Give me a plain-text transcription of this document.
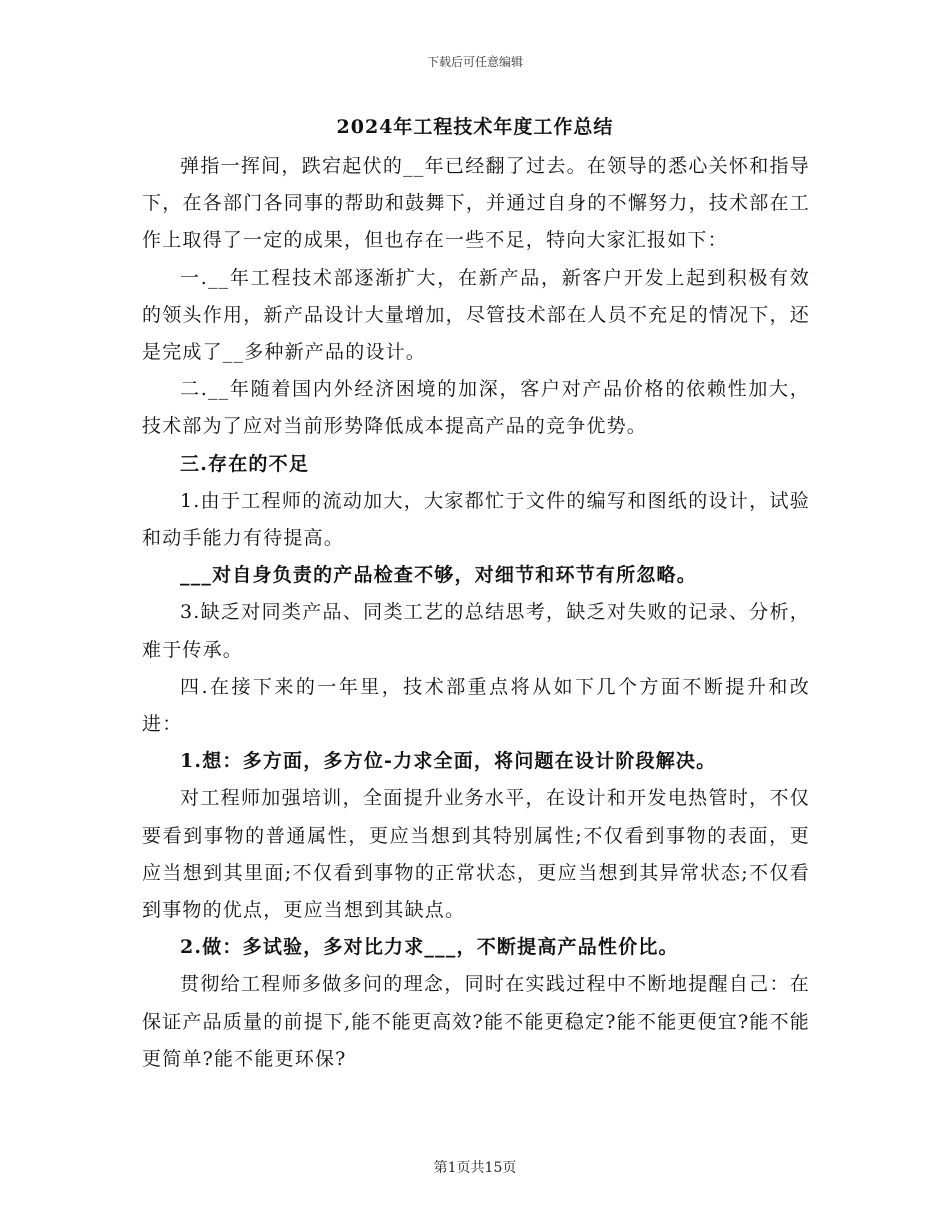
下载后可任意编辑
2024年工程技术年度工作总结

弹指一挥间，跌宕起伏的__年已经翻了过去。在领导的悉心关怀和指导下，在各部门各同事的帮助和鼓舞下，并通过自身的不懈努力，技术部在工作上取得了一定的成果，但也存在一些不足，特向大家汇报如下：

一.__年工程技术部逐渐扩大，在新产品，新客户开发上起到积极有效的领头作用，新产品设计大量增加，尽管技术部在人员不充足的情况下，还是完成了__多种新产品的设计。

二.__年随着国内外经济困境的加深，客户对产品价格的依赖性加大，技术部为了应对当前形势降低成本提高产品的竞争优势。

三.存在的不足

1.由于工程师的流动加大，大家都忙于文件的编写和图纸的设计，试验和动手能力有待提高。

___对自身负责的产品检查不够，对细节和环节有所忽略。

3.缺乏对同类产品、同类工艺的总结思考，缺乏对失败的记录、分析，难于传承。

四.在接下来的一年里，技术部重点将从如下几个方面不断提升和改进：

1.想：多方面，多方位-力求全面，将问题在设计阶段解决。

对工程师加强培训，全面提升业务水平，在设计和开发电热管时，不仅要看到事物的普通属性，更应当想到其特别属性;不仅看到事物的表面，更应当想到其里面;不仅看到事物的正常状态，更应当想到其异常状态;不仅看到事物的优点，更应当想到其缺点。

2.做：多试验，多对比力求___，不断提高产品性价比。

贯彻给工程师多做多问的理念，同时在实践过程中不断地提醒自己：在保证产品质量的前提下,能不能更高效?能不能更稳定?能不能更便宜?能不能更简单?能不能更环保?

第1页共15页
